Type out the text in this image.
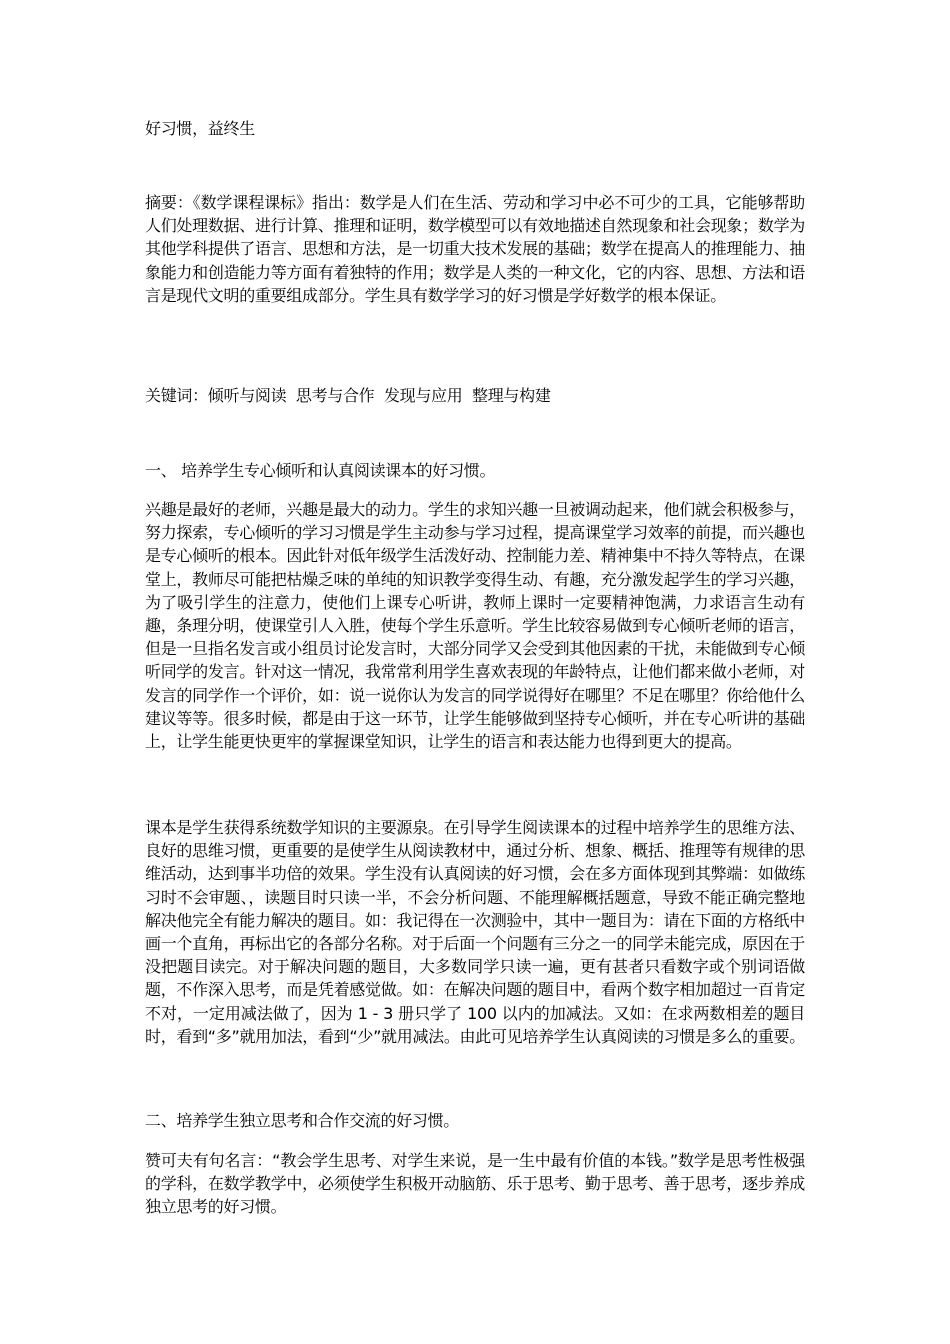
好习惯，益终生

摘要：《数学课程课标》指出：数学是人们在生活、劳动和学习中必不可少的工具，它能够帮助人们处理数据、进行计算、推理和证明，数学模型可以有效地描述自然现象和社会现象；数学为其他学科提供了语言、思想和方法，是一切重大技术发展的基础；数学在提高人的推理能力、抽象能力和创造能力等方面有着独特的作用；数学是人类的一种文化，它的内容、思想、方法和语言是现代文明的重要组成部分。学生具有数学学习的好习惯是学好数学的根本保证。

关键词：倾听与阅读  思考与合作  发现与应用  整理与构建

一、 培养学生专心倾听和认真阅读课本的好习惯。

兴趣是最好的老师，兴趣是最大的动力。学生的求知兴趣一旦被调动起来，他们就会积极参与，努力探索，专心倾听的学习习惯是学生主动参与学习过程，提高课堂学习效率的前提，而兴趣也是专心倾听的根本。因此针对低年级学生活泼好动、控制能力差、精神集中不持久等特点，在课堂上，教师尽可能把枯燥乏味的单纯的知识教学变得生动、有趣，充分激发起学生的学习兴趣，为了吸引学生的注意力，使他们上课专心听讲，教师上课时一定要精神饱满，力求语言生动有趣，条理分明，使课堂引人入胜，使每个学生乐意听。学生比较容易做到专心倾听老师的语言，但是一旦指名发言或小组员讨论发言时，大部分同学又会受到其他因素的干扰，未能做到专心倾听同学的发言。针对这一情况，我常常利用学生喜欢表现的年龄特点，让他们都来做小老师，对发言的同学作一个评价，如：说一说你认为发言的同学说得好在哪里？不足在哪里？你给他什么建议等等。很多时候，都是由于这一环节，让学生能够做到坚持专心倾听，并在专心听讲的基础上，让学生能更快更牢的掌握课堂知识，让学生的语言和表达能力也得到更大的提高。

课本是学生获得系统数学知识的主要源泉。在引导学生阅读课本的过程中培养学生的思维方法、良好的思维习惯，更重要的是使学生从阅读教材中，通过分析、想象、概括、推理等有规律的思维活动，达到事半功倍的效果。学生没有认真阅读的好习惯，会在多方面体现到其弊端：如做练习时不会审题、，读题目时只读一半，不会分析问题、不能理解概括题意，导致不能正确完整地解决他完全有能力解决的题目。如：我记得在一次测验中，其中一题目为：请在下面的方格纸中画一个直角，再标出它的各部分名称。对于后面一个问题有三分之一的同学未能完成，原因在于没把题目读完。对于解决问题的题目，大多数同学只读一遍，更有甚者只看数字或个别词语做题，不作深入思考，而是凭着感觉做。如：在解决问题的题目中，看两个数字相加超过一百肯定不对，一定用减法做了，因为 1 - 3 册只学了 100 以内的加减法。又如：在求两数相差的题目时，看到“多”就用加法，看到“少”就用减法。由此可见培养学生认真阅读的习惯是多么的重要。

二、培养学生独立思考和合作交流的好习惯。

赞可夫有句名言：“教会学生思考、对学生来说，是一生中最有价值的本钱。”数学是思考性极强的学科，在数学教学中，必须使学生积极开动脑筋、乐于思考、勤于思考、善于思考，逐步养成独立思考的好习惯。
